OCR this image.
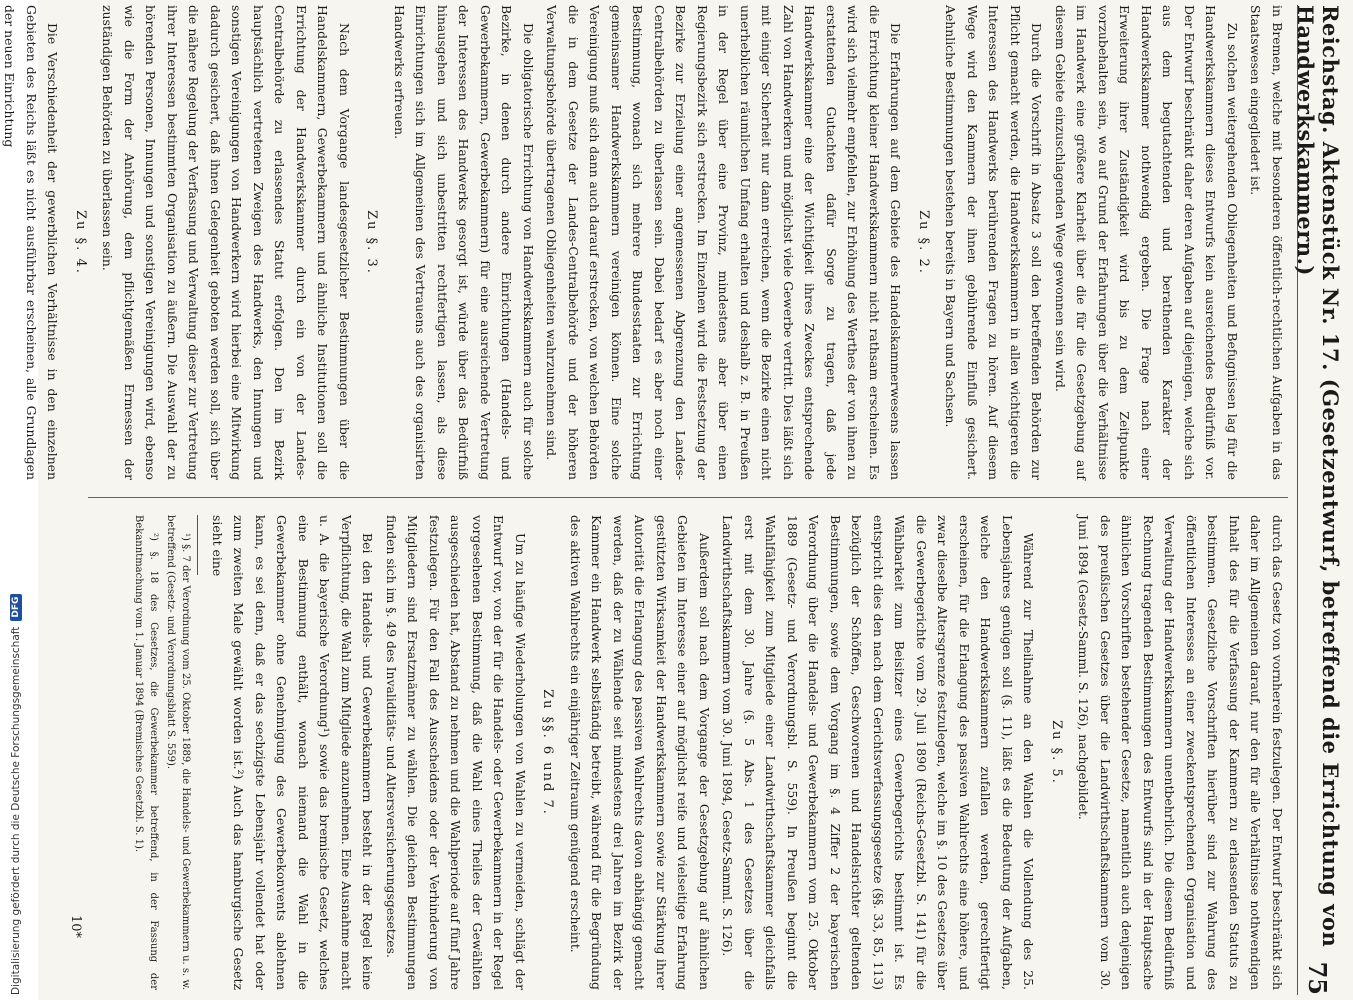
Digitalisierung gefördert durch die Deutsche Forschungsgemeinschaft
DFG	Reichstag. Aktenstück Nr. 17. (Gesetzentwurf, betreffend die Errichtung von Handwerkskammern.)
75

in Bremen, welche mit besonderen öffentlich-rechtlichen Aufgaben in das Staatswesen eingegliedert ist.

Zu solchen weitergehenden Obliegenheiten und Befugnissen lag für die Handwerkskammern dieses Entwurfs kein ausreichendes Bedürfniß vor. Der Entwurf beschränkt daher deren Aufgaben auf diejenigen, welche sich aus dem begutachtenden und berathenden Karakter der Handwerkskammer nothwendig ergeben. Die Frage nach einer Erweiterung ihrer Zuständigkeit wird bis zu dem Zeitpunkte vorzubehalten sein, wo auf Grund der Erfahrungen über die Verhältnisse im Handwerk eine größere Klarheit über die für die Gesetzgebung auf diesem Gebiete einzuschlagenden Wege gewonnen sein wird.

Durch die Vorschrift in Absatz 3 soll den betreffenden Behörden zur Pflicht gemacht werden, die Handwerkskammern in allen wichtigeren die Interessen des Handwerks berührenden Fragen zu hören. Auf diesem Wege wird den Kammern der ihnen gebührende Einfluß gesichert. Aehnliche Bestimmungen bestehen bereits in Bayern und Sachsen.

Zu §. 2.

Die Erfahrungen auf dem Gebiete des Handelskammerwesens lassen die Errichtung kleiner Handwerkskammern nicht rathsam erscheinen. Es wird sich vielmehr empfehlen, zur Erhöhung des Werthes der von ihnen zu erstattenden Gutachten dafür Sorge zu tragen, daß jede Handwerkskammer eine der Wichtigkeit ihres Zweckes entsprechende Zahl von Handwerkern und möglichst viele Gewerbe vertritt. Dies läßt sich mit einiger Sicherheit nur dann erreichen, wenn die Bezirke einen nicht unerheblichen räumlichen Umfang erhalten und deshalb z. B. in Preußen in der Regel über eine Provinz, mindestens aber über einen Regierungsbezirk sich erstrecken. Im Einzelnen wird die Festsetzung der Bezirke zur Erzielung einer angemessenen Abgrenzung den Landes-Centralbehörden zu überlassen sein. Dabei bedarf es aber noch einer Bestimmung, wonach sich mehrere Bundesstaaten zur Errichtung gemeinsamer Handwerkskammern vereinigen können. Eine solche Vereinigung muß sich dann auch darauf erstrecken, von welchen Behörden die in dem Gesetze der Landes-Centralbehörde und der höheren Verwaltungsbehörde übertragenen Obliegenheiten wahrzunehmen sind.

Die obligatorische Errichtung von Handwerkskammern auch für solche Bezirke, in denen durch andere Einrichtungen (Handels- und Gewerbekammern, Gewerbekammern) für eine ausreichende Vertretung der Interessen des Handwerks gesorgt ist, würde über das Bedürfniß hinausgehen und sich unbestritten rechtfertigen lassen, als diese Einrichtungen sich im Allgemeinen des Vertrauens auch des organisirten Handwerks erfreuen.

Zu §. 3.

Nach dem Vorgange landesgesetzlicher Bestimmungen über die Handelskammern, Gewerbekammern und ähnliche Institutionen soll die Errichtung der Handwerkskammer durch ein von der Landes-Centralbehörde zu erlassendes Statut erfolgen. Den im Bezirk hauptsächlich vertretenen Zweigen des Handwerks, den Innungen und sonstigen Vereinigungen von Handwerkern wird hierbei eine Mitwirkung dadurch gesichert, daß ihnen Gelegenheit geboten werden soll, sich über die nähere Regelung der Verfassung und Verwaltung dieser zur Vertretung ihrer Interessen bestimmten Organisation zu äußern. Die Auswahl der zu hörenden Personen, Innungen und sonstigen Vereinigungen wird, ebenso wie die Form der Anhörung, dem pflichtgemäßen Ermessen der zuständigen Behörden zu überlassen sein.

Zu §. 4.

Die Verschiedenheit der gewerblichen Verhältnisse in den einzelnen Gebieten des Reichs läßt es nicht ausführbar erscheinen, alle Grundlagen der neuen Einrichtung

durch das Gesetz von vornherein festzulegen. Der Entwurf beschränkt sich daher im Allgemeinen darauf, nur den für alle Verhältnisse nothwendigen Inhalt des für die Verfassung der Kammern zu erlassenden Statuts zu bestimmen. Gesetzliche Vorschriften hierüber sind zur Wahrung des öffentlichen Interesses an einer zweckentsprechenden Organisation und Verwaltung der Handwerkskammern unentbehrlich. Die diesem Bedürfniß Rechnung tragenden Bestimmungen des Entwurfs sind in der Hauptsache ähnlichen Vorschriften bestehender Gesetze, namentlich auch denjenigen des preußischen Gesetzes über die Landwirthschaftskammern vom 30. Juni 1894 (Gesetz-Samml. S. 126), nachgebildet.

Zu §. 5.

Während zur Theilnahme an den Wahlen die Vollendung des 25. Lebensjahres genügen soll (§. 11), läßt es die Bedeutung der Aufgaben, welche den Handwerkskammern zufallen werden, gerechtfertigt erscheinen, für die Erlangung des passiven Wahlrechts eine höhere, und zwar dieselbe Altersgrenze festzulegen, welche im §. 10 des Gesetzes über die Gewerbegerichte vom 29. Juli 1890 (Reichs-Gesetzbl. S. 141) für die Wählbarkeit zum Beisitzer eines Gewerbegerichts bestimmt ist. Es entspricht dies den nach dem Gerichtsverfassungsgesetze (§§. 33, 85, 113) bezüglich der Schöffen, Geschworenen und Handelsrichter geltenden Bestimmungen, sowie dem Vorgang im §. 4 Ziffer 2 der bayerischen Verordnung über die Handels- und Gewerbekammern vom 25. Oktober 1889 (Gesetz- und Verordnungsbl. S. 559). In Preußen beginnt die Wahlfähigkeit zum Mitgliede einer Landwirthschaftskammer gleichfalls erst mit dem 30. Jahre (§. 5 Abs. 1 des Gesetzes über die Landwirthschaftskammern vom 30. Juni 1894, Gesetz-Samml. S. 126).

Außerdem soll nach dem Vorgange der Gesetzgebung auf ähnlichen Gebieten im Interesse einer auf möglichst reife und vielseitige Erfahrung gestützten Wirksamkeit der Handwerkskammern sowie zur Stärkung ihrer Autorität die Erlangung des passiven Wahlrechts davon abhängig gemacht werden, daß der zu Wählende seit mindestens drei Jahren im Bezirk der Kammer ein Handwerk selbständig betreibt, während für die Begründung des aktiven Wahlrechts ein einjähriger Zeitraum genügend erscheint.

Zu §§. 6 und 7.

Um zu häufige Wiederholungen von Wahlen zu vermeiden, schlägt der Entwurf vor, von der für die Handels- oder Gewerbekammern in der Regel vorgesehenen Bestimmung, daß die Wahl eines Theiles der Gewählten ausgeschieden hat, Abstand zu nehmen und die Wahlperiode auf fünf Jahre festzulegen. Für den Fall des Ausscheidens oder der Verhinderung von Mitgliedern sind Ersatzmänner zu wählen. Die gleichen Bestimmungen finden sich im §. 49 des Invaliditäts- und Altersversicherungsgesetzes.

Bei den Handels- und Gewerbekammern besteht in der Regel keine Verpflichtung, die Wahl zum Mitgliede anzunehmen. Eine Ausnahme macht u. A. die bayerische Verordnung¹) sowie das bremische Gesetz, welches eine Bestimmung enthält, wonach niemand die Wahl in die Gewerbekammer ohne Genehmigung des Gewerbekonvents ablehnen kann, es sei denn, daß er das sechzigste Lebensjahr vollendet hat oder zum zweiten Male gewählt worden ist.²) Auch das hamburgische Gesetz sieht eine

¹) §. 7 der Verordnung vom 25. Oktober 1889, die Handels- und Gewerbekammern u. s. w. betreffend (Gesetz- und Verordnungsblatt S. 559).

²) §. 18 des Gesetzes, die Gewerbekammer betreffend, in der Fassung der Bekanntmachung vom 1. Januar 1894 (Bremisches Gesetzbl. S. 1).

10*
